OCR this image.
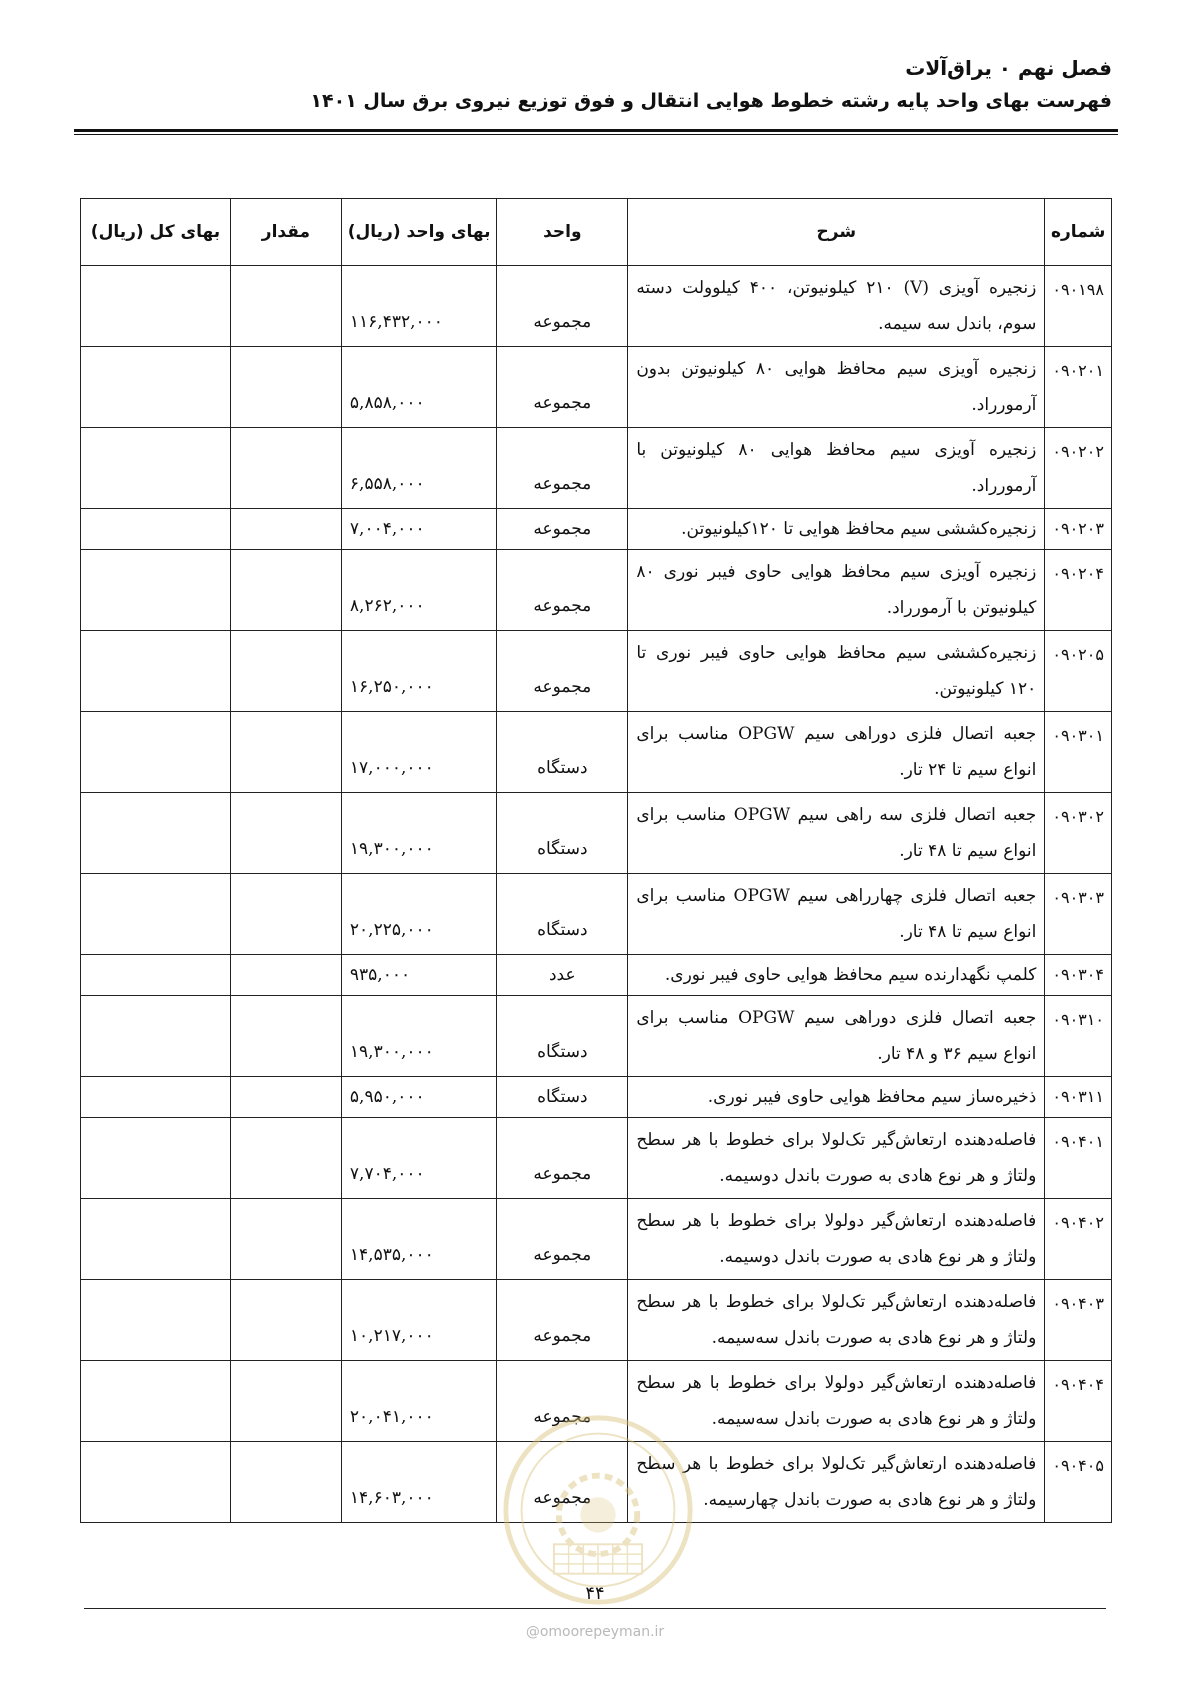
فصل نهم ۰ یراق‌آلات
فهرست بهای واحد پایه رشته خطوط هوایی انتقال و فوق توزیع نیروی برق سال ۱۴۰۱
شماره	شرح	واحد	بهای واحد (ریال)	مقدار	بهای کل (ریال)
۰۹۰۱۹۸	زنجیره آویزی (V) ۲۱۰ کیلونیوتن، ۴۰۰ کیلوولت دسته سوم، باندل سه سیمه.	مجموعه	۱۱۶,۴۳۲,۰۰۰		
۰۹۰۲۰۱	زنجیره آویزی سیم محافظ هوایی ۸۰ کیلونیوتن بدون آرمورراد.	مجموعه	۵,۸۵۸,۰۰۰		
۰۹۰۲۰۲	زنجیره آویزی سیم محافظ هوایی ۸۰ کیلونیوتن با آرمورراد.	مجموعه	۶,۵۵۸,۰۰۰		
۰۹۰۲۰۳	زنجیره‌کششی سیم محافظ هوایی تا ۱۲۰کیلونیوتن.	مجموعه	۷,۰۰۴,۰۰۰		
۰۹۰۲۰۴	زنجیره آویزی سیم محافظ هوایی حاوی فیبر نوری ۸۰ کیلونیوتن با آرمورراد.	مجموعه	۸,۲۶۲,۰۰۰		
۰۹۰۲۰۵	زنجیره‌کششی سیم محافظ هوایی حاوی فیبر نوری تا ۱۲۰ کیلونیوتن.	مجموعه	۱۶,۲۵۰,۰۰۰		
۰۹۰۳۰۱	جعبه اتصال فلزی دوراهی سیم OPGW مناسب برای انواع سیم تا ۲۴ تار.	دستگاه	۱۷,۰۰۰,۰۰۰		
۰۹۰۳۰۲	جعبه اتصال فلزی سه راهی سیم OPGW مناسب برای انواع سیم تا ۴۸ تار.	دستگاه	۱۹,۳۰۰,۰۰۰		
۰۹۰۳۰۳	جعبه اتصال فلزی چهارراهی سیم OPGW مناسب برای انواع سیم تا ۴۸ تار.	دستگاه	۲۰,۲۲۵,۰۰۰		
۰۹۰۳۰۴	کلمپ نگهدارنده سیم محافظ هوایی حاوی فیبر نوری.	عدد	۹۳۵,۰۰۰		
۰۹۰۳۱۰	جعبه اتصال فلزی دوراهی سیم OPGW مناسب برای انواع سیم ۳۶ و ۴۸ تار.	دستگاه	۱۹,۳۰۰,۰۰۰		
۰۹۰۳۱۱	ذخیره‌ساز سیم محافظ هوایی حاوی فیبر نوری.	دستگاه	۵,۹۵۰,۰۰۰		
۰۹۰۴۰۱	فاصله‌دهنده ارتعاش‌گیر تک‌لولا برای خطوط با هر سطح ولتاژ و هر نوع هادی به صورت باندل دوسیمه.	مجموعه	۷,۷۰۴,۰۰۰		
۰۹۰۴۰۲	فاصله‌دهنده ارتعاش‌گیر دولولا برای خطوط با هر سطح ولتاژ و هر نوع هادی به صورت باندل دوسیمه.	مجموعه	۱۴,۵۳۵,۰۰۰		
۰۹۰۴۰۳	فاصله‌دهنده ارتعاش‌گیر تک‌لولا برای خطوط با هر سطح ولتاژ و هر نوع هادی به صورت باندل سه‌سیمه.	مجموعه	۱۰,۲۱۷,۰۰۰		
۰۹۰۴۰۴	فاصله‌دهنده ارتعاش‌گیر دولولا برای خطوط با هر سطح ولتاژ و هر نوع هادی به صورت باندل سه‌سیمه.	مجموعه	۲۰,۰۴۱,۰۰۰		
۰۹۰۴۰۵	فاصله‌دهنده ارتعاش‌گیر تک‌لولا برای خطوط با هر سطح ولتاژ و هر نوع هادی به صورت باندل چهارسیمه.	مجموعه	۱۴,۶۰۳,۰۰۰		
۴۴
@omoorepeyman.ir
